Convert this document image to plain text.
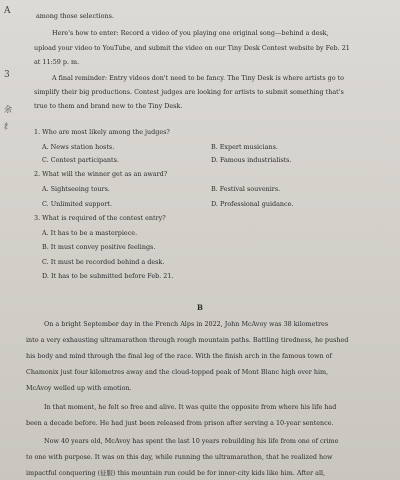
A
3
余
纟
among those selections.
Here's how to enter: Record a video of you playing one original song—behind a desk,
upload your video to YouTube, and submit the video on our Tiny Desk Contest website by Feb. 21
at 11:59 p. m.
A final reminder: Entry videos don't need to be fancy. The Tiny Desk is where artists go to
simplify their big productions. Contest judges are looking for artists to submit something that's
true to them and brand new to the Tiny Desk.
1. Who are most likely among the judges?
A. News station hosts.	B. Expert musicians.
C. Contest participants.	D. Famous industrialists.
2. What will the winner get as an award?
A. Sightseeing tours.	B. Festival souvenirs.
C. Unlimited support.	D. Professional guidance.
3. What is required of the contest entry?
A. It has to be a masterpiece.
B. It must convey positive feelings.
C. It must be recorded behind a desk.
D. It has to be submitted before Feb. 21.
B
On a bright September day in the French Alps in 2022, John McAvoy was 38 kilometres
into a very exhausting ultramarathon through rough mountain paths. Battling tiredness, he pushed
his body and mind through the final leg of the race. With the finish arch in the famous town of
Chamonix just four kilometres away and the cloud-topped peak of Mont Blanc high over him,
McAvoy welled up with emotion.
In that moment, he felt so free and alive. It was quite the opposite from where his life had
been a decade before. He had just been released from prison after serving a 10-year sentence.
Now 40 years old, McAvoy has spent the last 10 years rebuilding his life from one of crime
to one with purpose. It was on this day, while running the ultramarathon, that he realized how
impactful conquering (征服) this mountain run could be for inner-city kids like him. After all,
